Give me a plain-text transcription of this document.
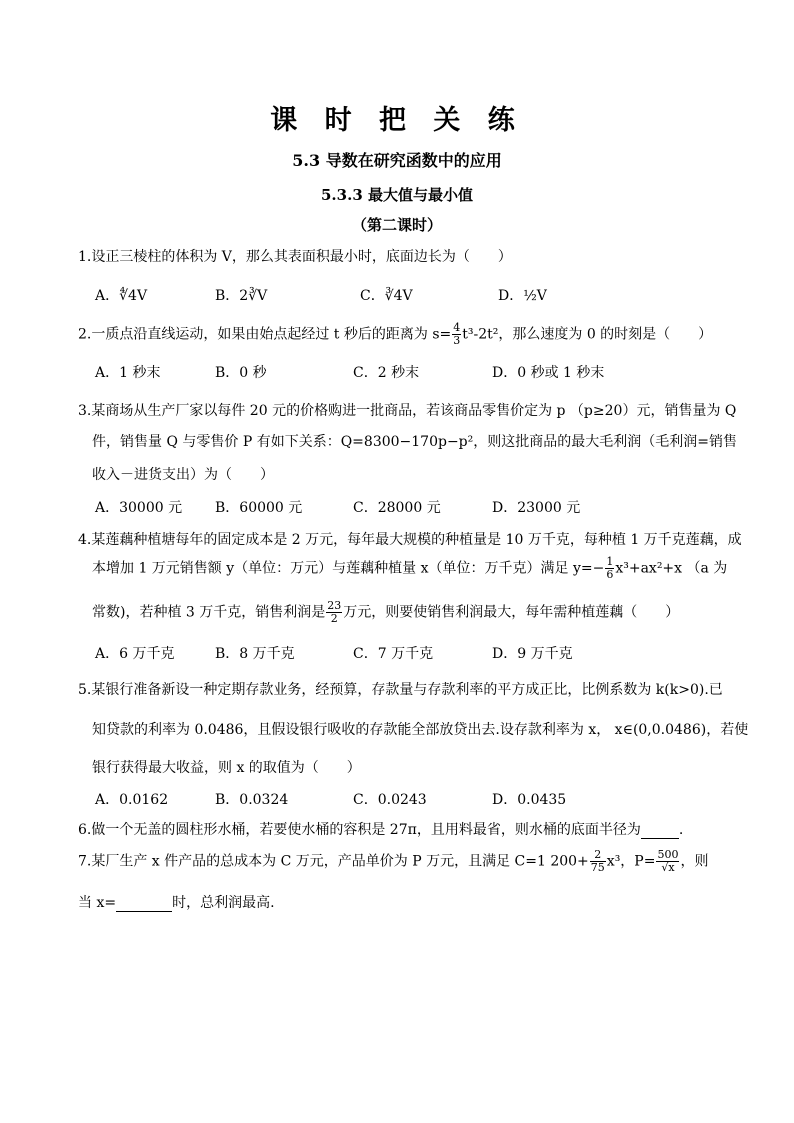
课 时 把 关 练
5.3 导数在研究函数中的应用
5.3.3 最大值与最小值
（第二课时）
1.设正三棱柱的体积为 V，那么其表面积最小时，底面边长为（　　）
A．∜4V	B．2∛V	C．∛4V	D．½V
2.一质点沿直线运动，如果由始点起经过 t 秒后的距离为 $s= \frac{4}{3} t^3-2t^2$，那么速度为 0 的时刻是（　　）
A．1 秒末	B．0 秒	C．2 秒末	D．0 秒或 1 秒末
3.某商场从生产厂家以每件 20 元的价格购进一批商品，若该商品零售价定为 p （p≥20）元，销售量为 Q
件，销售量 Q 与零售价 P 有如下关系：Q=8300−170p−p²，则这批商品的最大毛利润（毛利润=销售
收入－进货支出）为（　　）
A．30000 元 B．60000 元	C．28000 元	D．23000 元
4.某莲藕种植塘每年的固定成本是 2 万元，每年最大规模的种植量是 10 万千克，每种植 1 万千克莲藕，成
本增加 1 万元销售额 y（单位：万元）与莲藕种植量 x（单位：万千克）满足 $y=- \frac{1}{6} x^3+ax^2+x$ （a 为
常数)，若种植 3 万千克，销售利润是 $\frac{23}{2}$ 万元，则要使销售利润最大，每年需种植莲藕（　　）
A．6 万千克	B．8 万千克	C．7 万千克	D．9 万千克
5.某银行准备新设一种定期存款业务，经预算，存款量与存款利率的平方成正比，比例系数为 k(k>0).已
知贷款的利率为 0.0486，且假设银行吸收的存款能全部放贷出去.设存款利率为 x， x∈(0,0.0486)，若使
银行获得最大收益，则 x 的取值为（　　）
A．0.0162	B．0.0324	C．0.0243	D．0.0435
6.做一个无盖的圆柱形水桶，若要使水桶的容积是 27π，且用料最省，则水桶的底面半径为	.
7.某厂生产 x 件产品的总成本为 C 万元，产品单价为 P 万元，且满足 C=1 $200+ \frac{2}{75} x^3$，$P= \frac{500}{√x}$ ，则
当 x=	时，总利润最高.
